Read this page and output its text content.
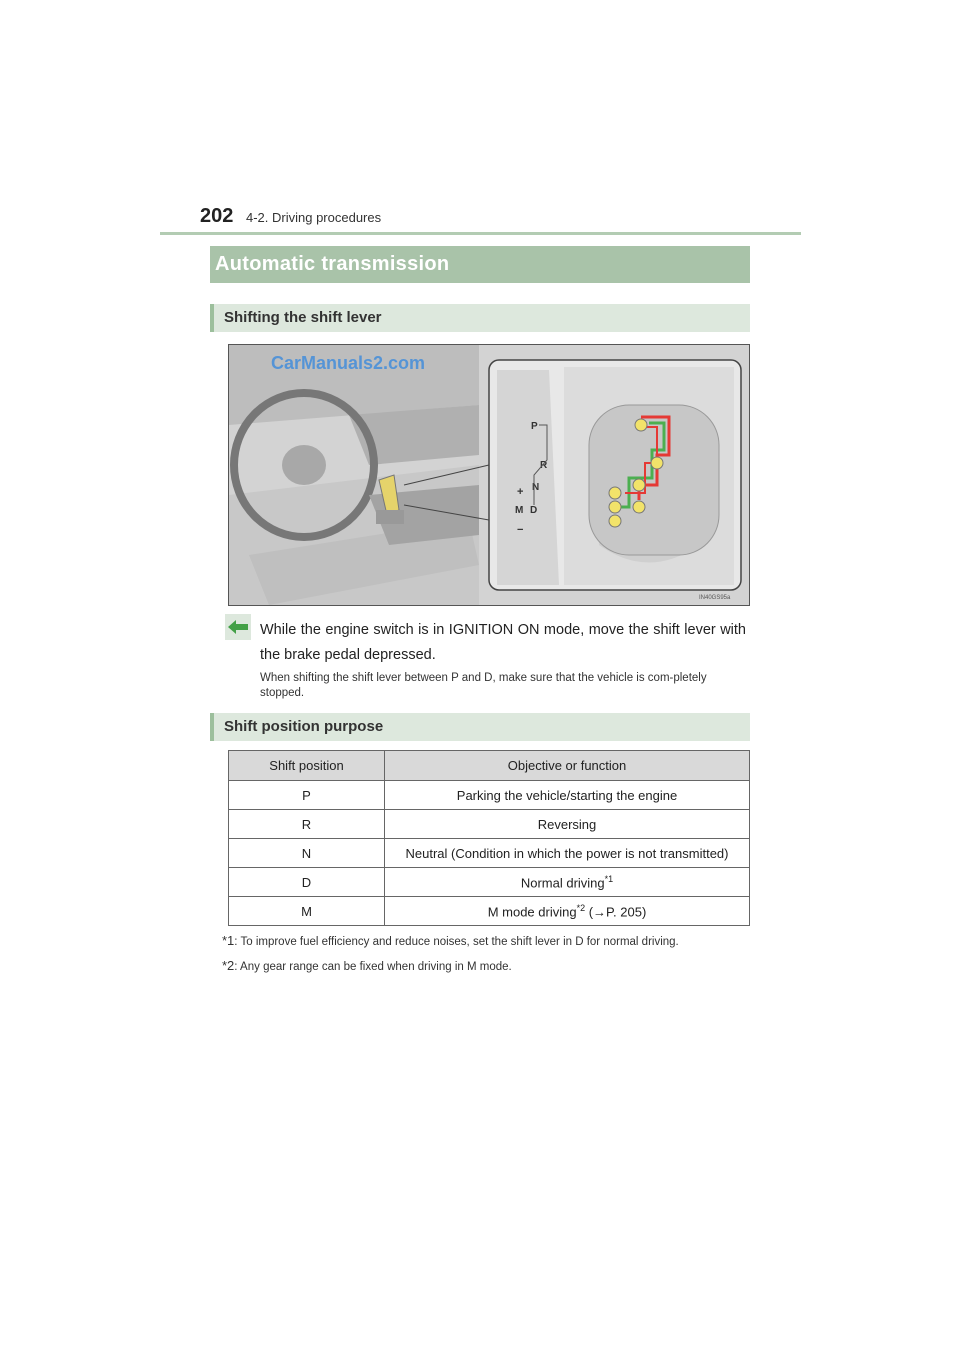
202 4-2. Driving procedures
Automatic transmission
Shifting the shift lever
P
R
N
+
M D
−
IN40GS95a
CarManuals2.com
While the engine switch is in IGNITION ON mode, move the shift lever with the brake pedal depressed.
When shifting the shift lever between P and D, make sure that the vehicle is com-pletely stopped.
Shift position purpose
Shift position	Objective or function
P	Parking the vehicle/starting the engine
R	Reversing
N	Neutral (Condition in which the power is not transmitted)
D	Normal driving$^{*1}$
M	M mode driving$^{*2}$ (→P. 205)
*1: To improve fuel efficiency and reduce noises, set the shift lever in D for normal driving.
*2: Any gear range can be fixed when driving in M mode.
